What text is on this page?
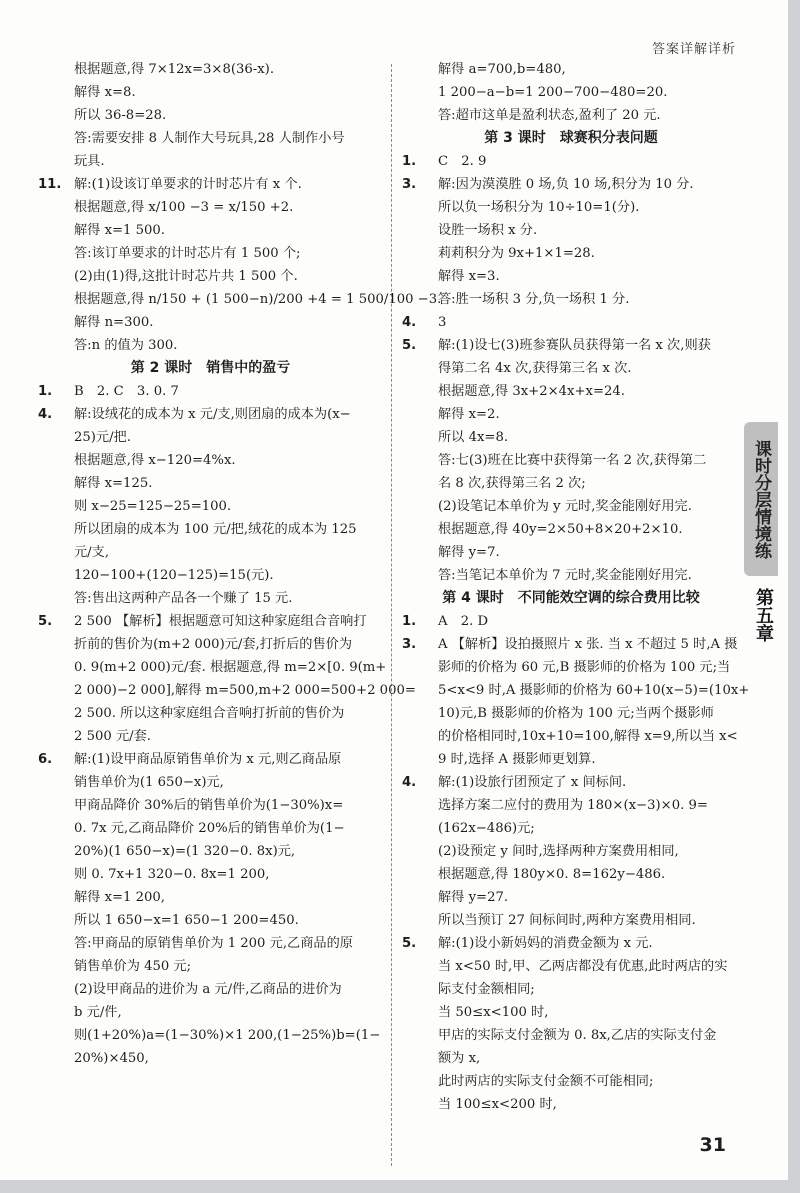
答案详解详析
根据题意,得 7×12x=3×8(36-x).
解得 x=8.
所以 36-8=28.
答:需要安排 8 人制作大号玩具,28 人制作小号
玩具.
11. 解:(1)设该订单要求的计时芯片有 x 个.
根据题意,得 x/100 −3 = x/150 +2.
解得 x=1 500.
答:该订单要求的计时芯片有 1 500 个;
(2)由(1)得,这批计时芯片共 1 500 个.
根据题意,得 n/150 + (1 500−n)/200 +4 = 1 500/100 −3.
解得 n=300.
答:n 的值为 300.
第 2 课时　销售中的盈亏
1. B　2. C　3. 0. 7
4. 解:设绒花的成本为 x 元/支,则团扇的成本为(x−
25)元/把.
根据题意,得 x−120=4%x.
解得 x=125.
则 x−25=125−25=100.
所以团扇的成本为 100 元/把,绒花的成本为 125
元/支,
120−100+(120−125)=15(元).
答:售出这两种产品各一个赚了 15 元.
5. 2 500 【解析】根据题意可知这种家庭组合音响打
折前的售价为(m+2 000)元/套,打折后的售价为
0. 9(m+2 000)元/套. 根据题意,得 m=2×[0. 9(m+
2 000)−2 000],解得 m=500,m+2 000=500+2 000=
2 500. 所以这种家庭组合音响打折前的售价为
2 500 元/套.
6. 解:(1)设甲商品原销售单价为 x 元,则乙商品原
销售单价为(1 650−x)元,
甲商品降价 30%后的销售单价为(1−30%)x=
0. 7x 元,乙商品降价 20%后的销售单价为(1−
20%)(1 650−x)=(1 320−0. 8x)元,
则 0. 7x+1 320−0. 8x=1 200,
解得 x=1 200,
所以 1 650−x=1 650−1 200=450.
答:甲商品的原销售单价为 1 200 元,乙商品的原
销售单价为 450 元;
(2)设甲商品的进价为 a 元/件,乙商品的进价为
b 元/件,
则(1+20%)a=(1−30%)×1 200,(1−25%)b=(1−
20%)×450,
解得 a=700,b=480,
1 200−a−b=1 200−700−480=20.
答:超市这单是盈利状态,盈利了 20 元.
第 3 课时　球赛积分表问题
1. C　2. 9
3. 解:因为漠漠胜 0 场,负 10 场,积分为 10 分.
所以负一场积分为 10÷10=1(分).
设胜一场积 x 分.
莉莉积分为 9x+1×1=28.
解得 x=3.
答:胜一场积 3 分,负一场积 1 分.
4. 3
5. 解:(1)设七(3)班参赛队员获得第一名 x 次,则获
得第二名 4x 次,获得第三名 x 次.
根据题意,得 3x+2×4x+x=24.
解得 x=2.
所以 4x=8.
答:七(3)班在比赛中获得第一名 2 次,获得第二
名 8 次,获得第三名 2 次;
(2)设笔记本单价为 y 元时,奖金能刚好用完.
根据题意,得 40y=2×50+8×20+2×10.
解得 y=7.
答:当笔记本单价为 7 元时,奖金能刚好用完.
第 4 课时　不同能效空调的综合费用比较
1. A　2. D
3. A 【解析】设拍摄照片 x 张. 当 x 不超过 5 时,A 摄
影师的价格为 60 元,B 摄影师的价格为 100 元;当
5<x<9 时,A 摄影师的价格为 60+10(x−5)=(10x+
10)元,B 摄影师的价格为 100 元;当两个摄影师
的价格相同时,10x+10=100,解得 x=9,所以当 x<
9 时,选择 A 摄影师更划算.
4. 解:(1)设旅行团预定了 x 间标间.
选择方案二应付的费用为 180×(x−3)×0. 9=
(162x−486)元;
(2)设预定 y 间时,选择两种方案费用相同,
根据题意,得 180y×0. 8=162y−486.
解得 y=27.
所以当预订 27 间标间时,两种方案费用相同.
5. 解:(1)设小新妈妈的消费金额为 x 元.
当 x<50 时,甲、乙两店都没有优惠,此时两店的实
际支付金额相同;
当 50≤x<100 时,
甲店的实际支付金额为 0. 8x,乙店的实际支付金
额为 x,
此时两店的实际支付金额不可能相同;
当 100≤x<200 时,
课时分层情境练
第五章
31
